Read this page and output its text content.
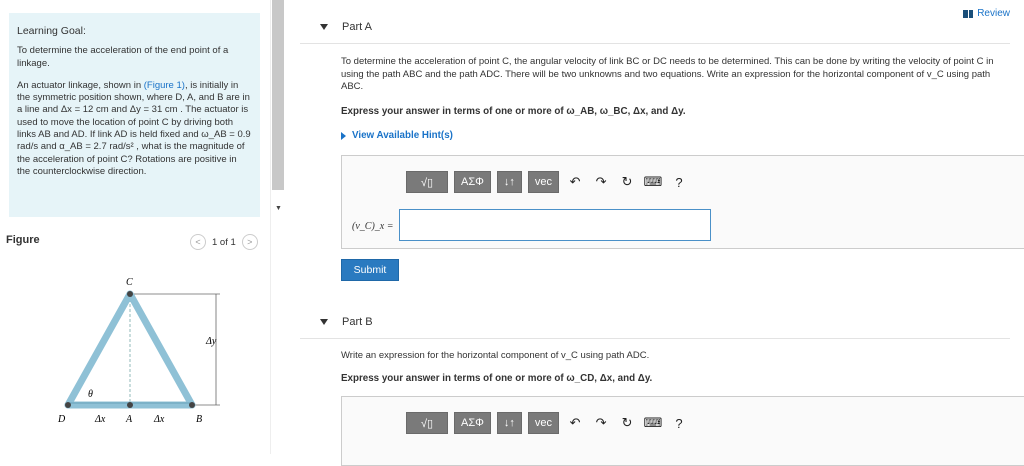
Learning Goal:
To determine the acceleration of the end point of a linkage.
An actuator linkage, shown in (Figure 1), is initially in the symmetric position shown, where D, A, and B are in a line and Δx = 12 cm and Δy = 31 cm . The actuator is used to move the location of point C by driving both links AB and AD. If link AD is held fixed and ω_AB = 0.9 rad/s and α_AB = 2.7 rad/s² , what is the magnitude of the acceleration of point C? Rotations are positive in the counterclockwise direction.
▼
Figure	<	1 of 1	>
C
D	A	B
θ
Δx	Δx
Δy
Review
Part A
To determine the acceleration of point C, the angular velocity of link BC or DC needs to be determined. This can be done by writing the velocity of point C in using the path ABC and the path ADC. There will be two unknowns and two equations. Write an expression for the horizontal component of v_C using path ABC.
Express your answer in terms of one or more of ω_AB, ω_BC, Δx, and Δy.
View Available Hint(s)
√▯	ΑΣΦ	↓↑	vec	↶	↷	↻ ⌨	?
(v_C)_x =
Submit
Part B
Write an expression for the horizontal component of v_C using path ADC.
Express your answer in terms of one or more of ω_CD, Δx, and Δy.
√▯	ΑΣΦ	↓↑	vec	↶	↷	↻ ⌨	?
